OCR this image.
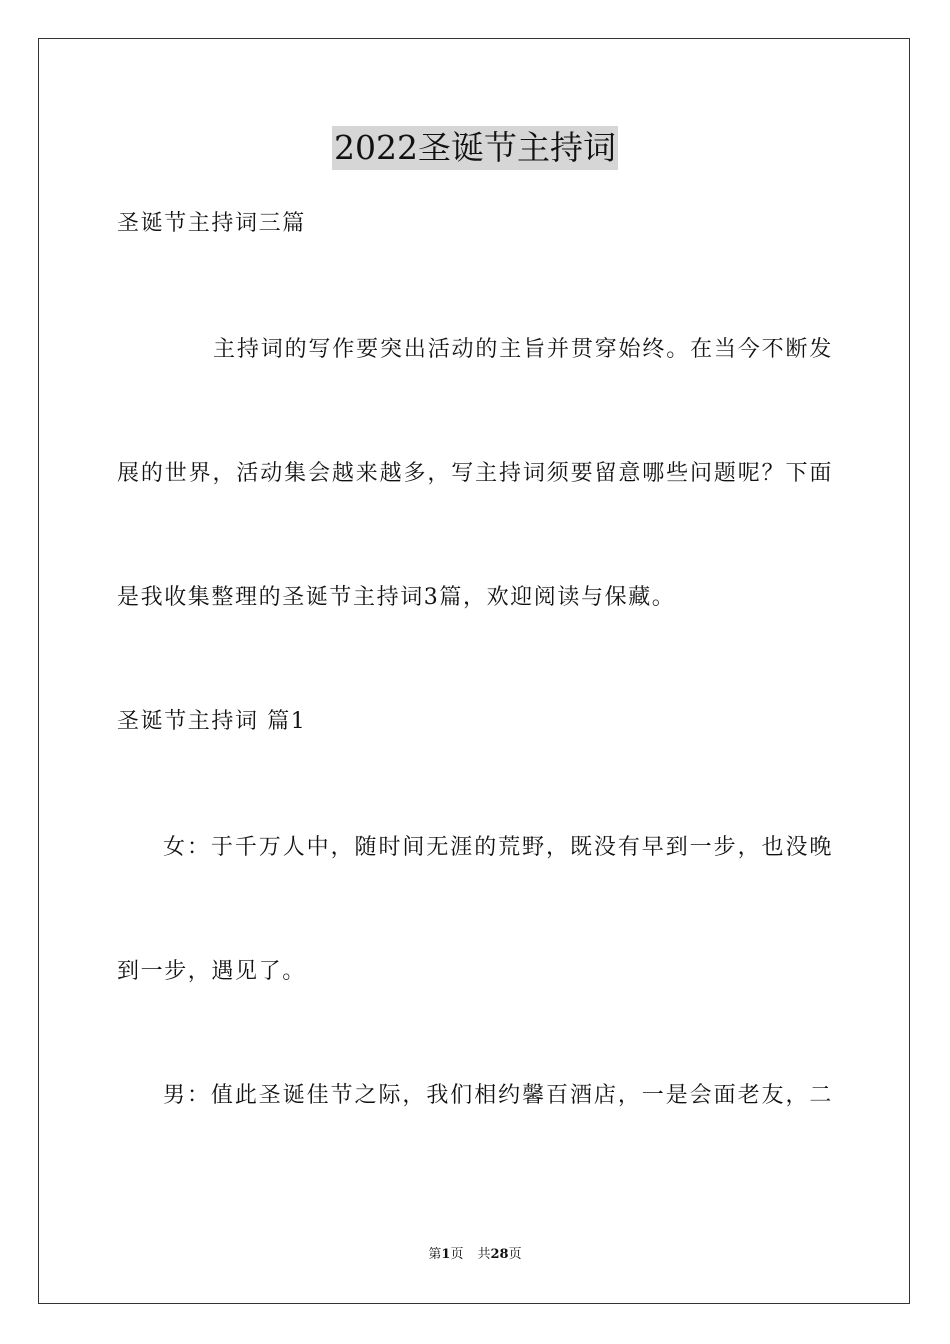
2022圣诞节主持词
圣诞节主持词三篇
主持词的写作要突出活动的主旨并贯穿始终。在当今不断发
展的世界，活动集会越来越多，写主持词须要留意哪些问题呢？下面
是我收集整理的圣诞节主持词3篇，欢迎阅读与保藏。
圣诞节主持词 篇1
女：于千万人中，随时间无涯的荒野，既没有早到一步，也没晚
到一步，遇见了。
男：值此圣诞佳节之际，我们相约馨百酒店，一是会面老友，二
第1页 共28页
